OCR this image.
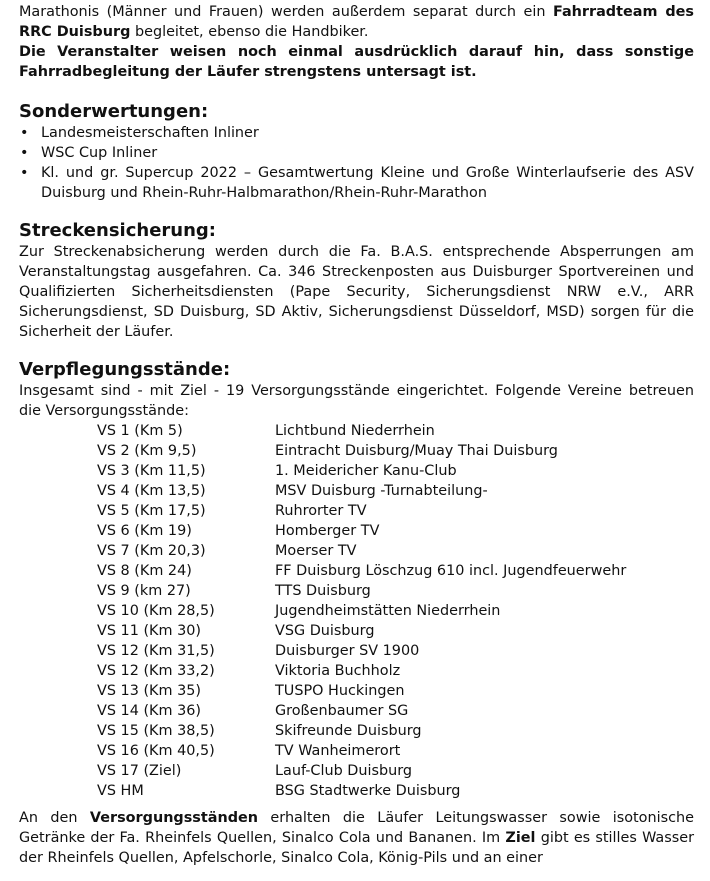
Marathonis (Männer und Frauen) werden außerdem separat durch ein Fahrradteam des RRC Duisburg begleitet, ebenso die Handbiker.

Die Veranstalter weisen noch einmal ausdrücklich darauf hin, dass sonstige Fahrradbegleitung der Läufer strengstens untersagt ist.

Sonderwertungen:
• Landesmeisterschaften Inliner
• WSC Cup Inliner
• Kl. und gr. Supercup 2022 – Gesamtwertung Kleine und Große Winterlaufserie des ASV Duisburg und Rhein-Ruhr-Halbmarathon/Rhein-Ruhr-Marathon
Streckensicherung:

Zur Streckenabsicherung werden durch die Fa. B.A.S. entsprechende Absperrungen am Veranstaltungstag ausgefahren. Ca. 346 Streckenposten aus Duisburger Sportvereinen und Qualifizierten Sicherheitsdiensten (Pape Security, Sicherungsdienst NRW e.V., ARR Sicherungsdienst, SD Duisburg, SD Aktiv, Sicherungsdienst Düsseldorf, MSD) sorgen für die Sicherheit der Läufer.

Verpflegungsstände:

Insgesamt sind - mit Ziel - 19 Versorgungsstände eingerichtet. Folgende Vereine betreuen die Versorgungsstände:

VS 1 (Km 5)	Lichtbund Niederrhein
VS 2 (Km 9,5)	Eintracht Duisburg/Muay Thai Duisburg
VS 3 (Km 11,5)	1. Meidericher Kanu-Club
VS 4 (Km 13,5)	MSV Duisburg -Turnabteilung-
VS 5 (Km 17,5)	Ruhrorter TV
VS 6 (Km 19)	Homberger TV
VS 7 (Km 20,3)	Moerser TV
VS 8 (Km 24)	FF Duisburg Löschzug 610 incl. Jugendfeuerwehr
VS 9 (km 27)	TTS Duisburg
VS 10 (Km 28,5)	Jugendheimstätten Niederrhein
VS 11 (Km 30)	VSG Duisburg
VS 12 (Km 31,5)	Duisburger SV 1900
VS 12 (Km 33,2)	Viktoria Buchholz
VS 13 (Km 35)	TUSPO Huckingen
VS 14 (Km 36)	Großenbaumer SG
VS 15 (Km 38,5)	Skifreunde Duisburg
VS 16 (Km 40,5)	TV Wanheimerort
VS 17 (Ziel)	Lauf-Club Duisburg
VS HM	BSG Stadtwerke Duisburg

An den Versorgungsständen erhalten die Läufer Leitungswasser sowie isotonische Getränke der Fa. Rheinfels Quellen, Sinalco Cola und Bananen. Im Ziel gibt es stilles Wasser der Rheinfels Quellen, Apfelschorle, Sinalco Cola, König-Pils und an einer
